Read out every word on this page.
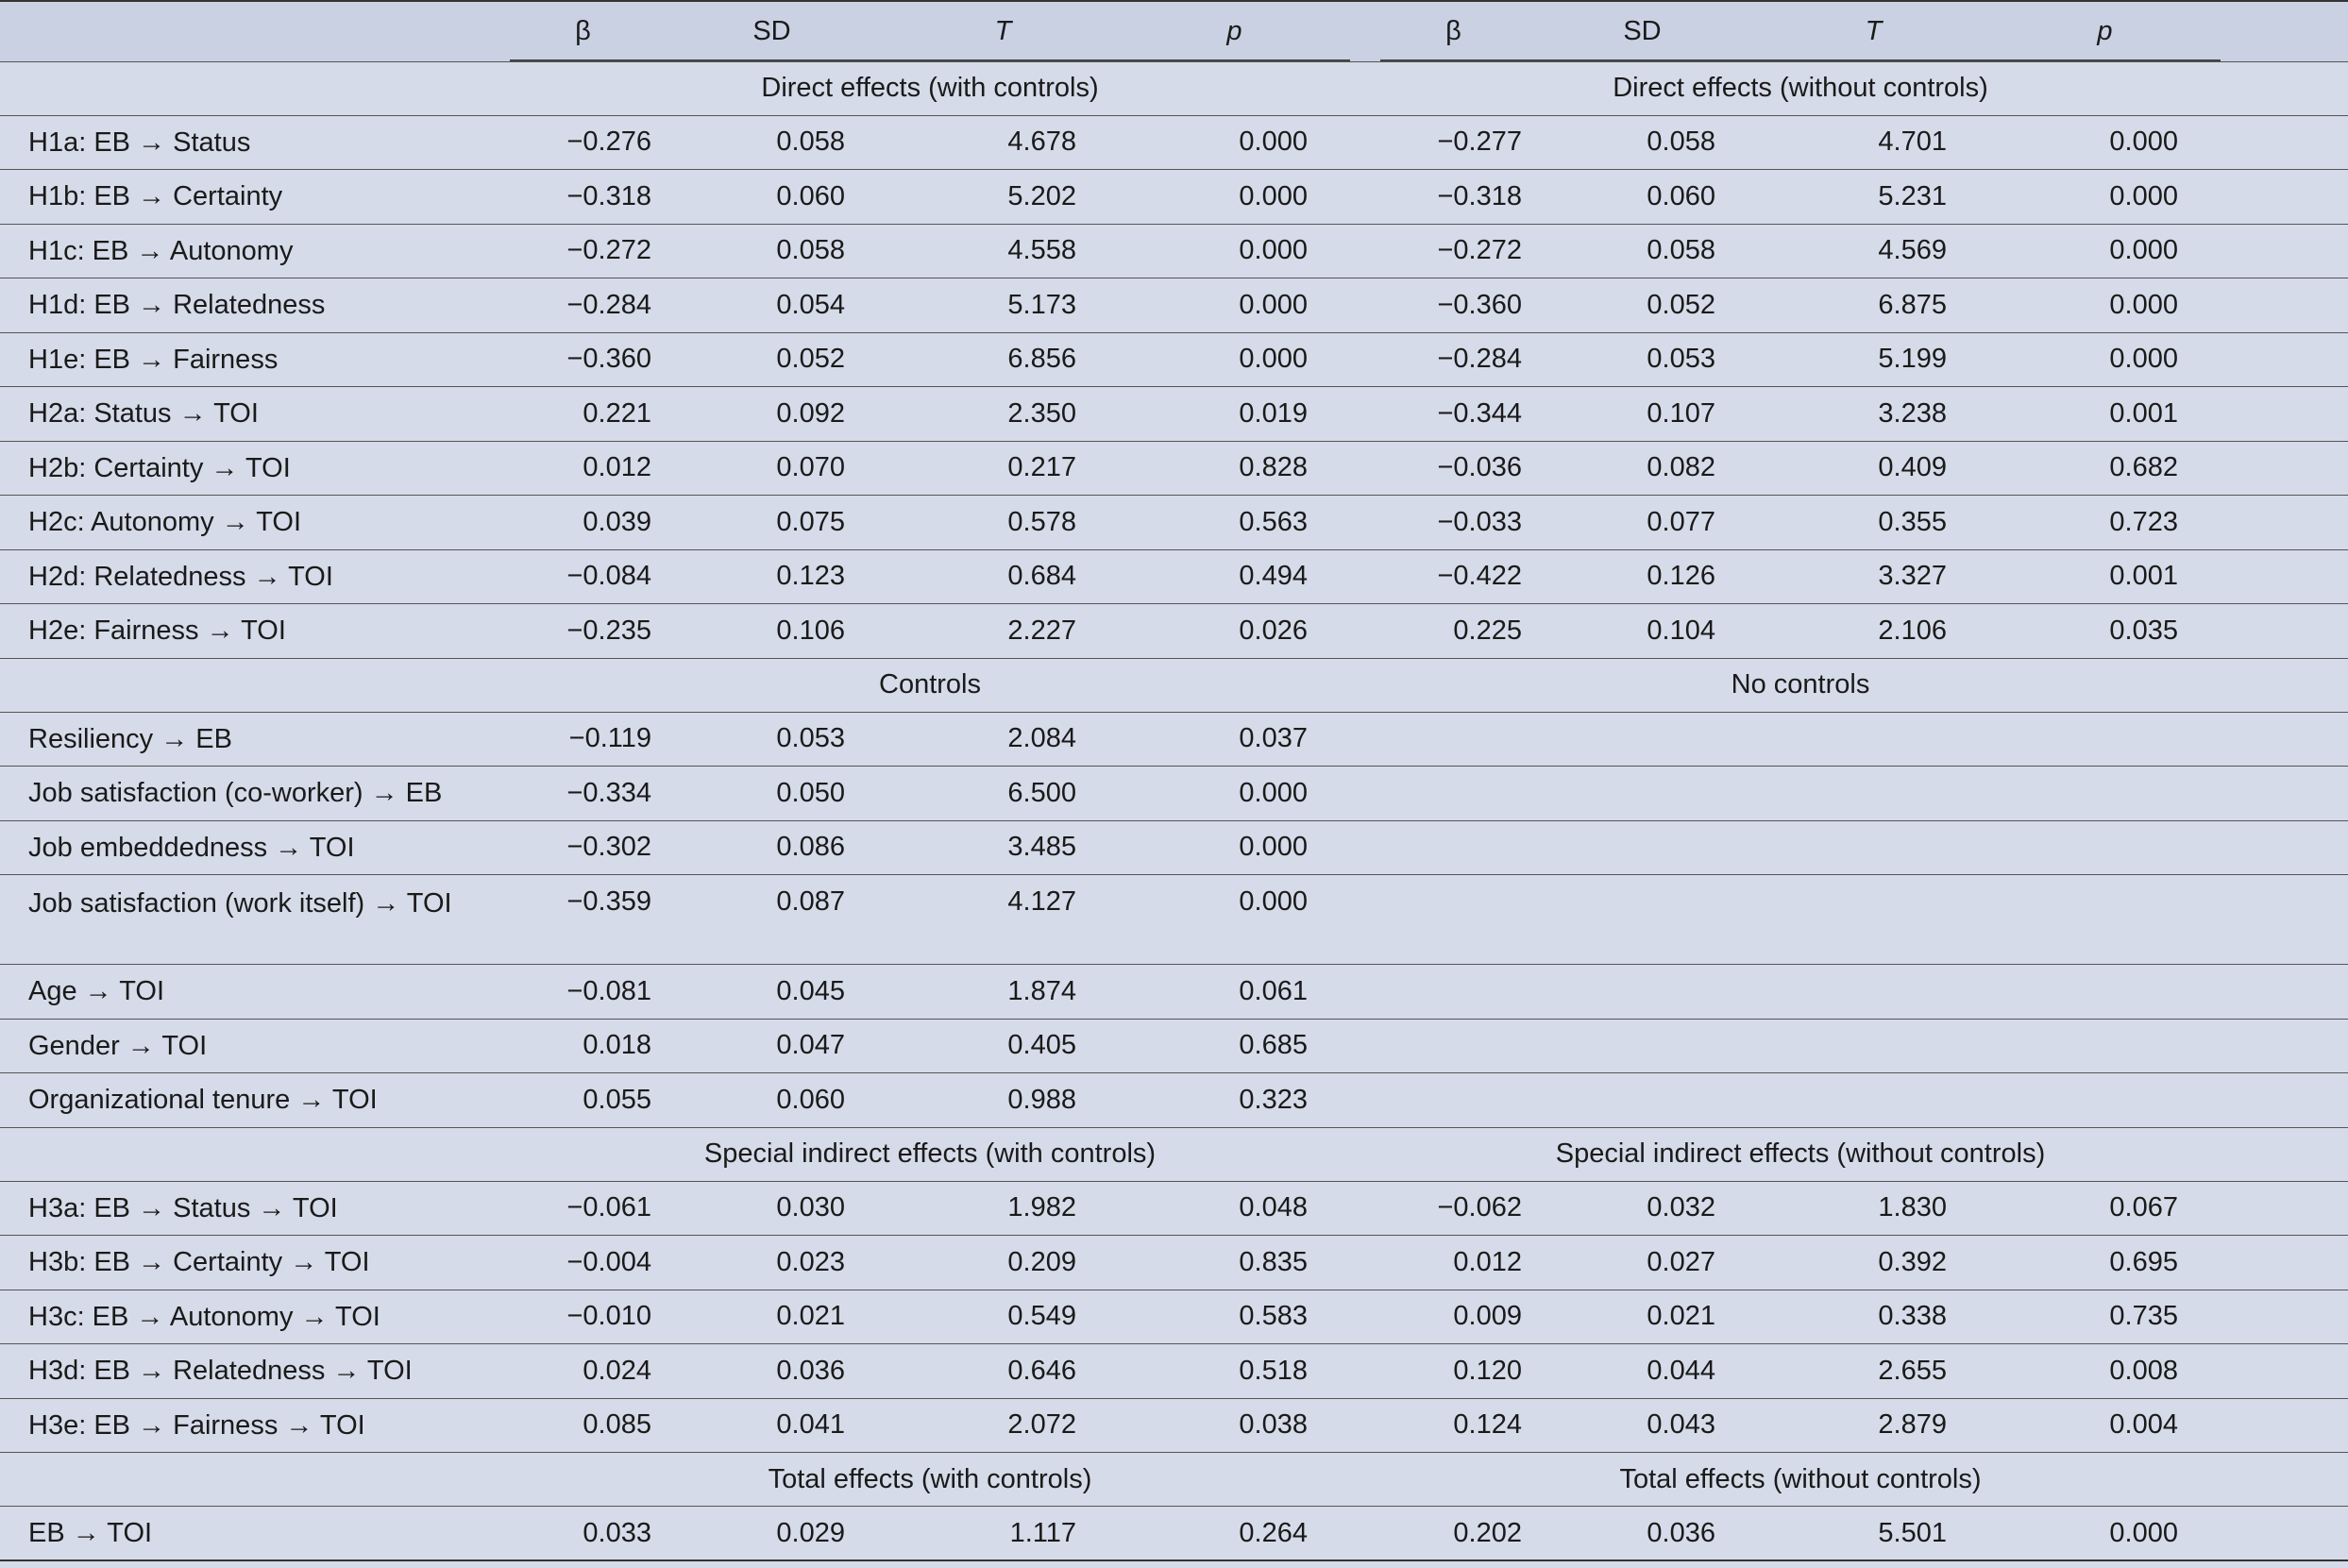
	β	SD	T	p		β	SD	T	p	
	Direct effects (with controls)					Direct effects (without controls)				
H1a: EB → Status	−0.276	0.058	4.678	0.000		−0.277	0.058	4.701	0.000	
H1b: EB → Certainty	−0.318	0.060	5.202	0.000		−0.318	0.060	5.231	0.000	
H1c: EB → Autonomy	−0.272	0.058	4.558	0.000		−0.272	0.058	4.569	0.000	
H1d: EB → Relatedness	−0.284	0.054	5.173	0.000		−0.360	0.052	6.875	0.000	
H1e: EB → Fairness	−0.360	0.052	6.856	0.000		−0.284	0.053	5.199	0.000	
H2a: Status → TOI	0.221	0.092	2.350	0.019		−0.344	0.107	3.238	0.001	
H2b: Certainty → TOI	0.012	0.070	0.217	0.828		−0.036	0.082	0.409	0.682	
H2c: Autonomy → TOI	0.039	0.075	0.578	0.563		−0.033	0.077	0.355	0.723	
H2d: Relatedness → TOI	−0.084	0.123	0.684	0.494		−0.422	0.126	3.327	0.001	
H2e: Fairness → TOI	−0.235	0.106	2.227	0.026		0.225	0.104	2.106	0.035	
	Controls					No controls				
Resiliency → EB	−0.119	0.053	2.084	0.037						
Job satisfaction (co-worker) → EB	−0.334	0.050	6.500	0.000						
Job embeddedness → TOI	−0.302	0.086	3.485	0.000						
Job satisfaction (work itself) → TOI	−0.359	0.087	4.127	0.000						
Age → TOI	−0.081	0.045	1.874	0.061						
Gender → TOI	0.018	0.047	0.405	0.685						
Organizational tenure → TOI	0.055	0.060	0.988	0.323						
	Special indirect effects (with controls)					Special indirect effects (without controls)				
H3a: EB → Status → TOI	−0.061	0.030	1.982	0.048		−0.062	0.032	1.830	0.067	
H3b: EB → Certainty → TOI	−0.004	0.023	0.209	0.835		0.012	0.027	0.392	0.695	
H3c: EB → Autonomy → TOI	−0.010	0.021	0.549	0.583		0.009	0.021	0.338	0.735	
H3d: EB → Relatedness → TOI	0.024	0.036	0.646	0.518		0.120	0.044	2.655	0.008	
H3e: EB → Fairness → TOI	0.085	0.041	2.072	0.038		0.124	0.043	2.879	0.004	
	Total effects (with controls)					Total effects (without controls)				
EB → TOI	0.033	0.029	1.117	0.264		0.202	0.036	5.501	0.000	
